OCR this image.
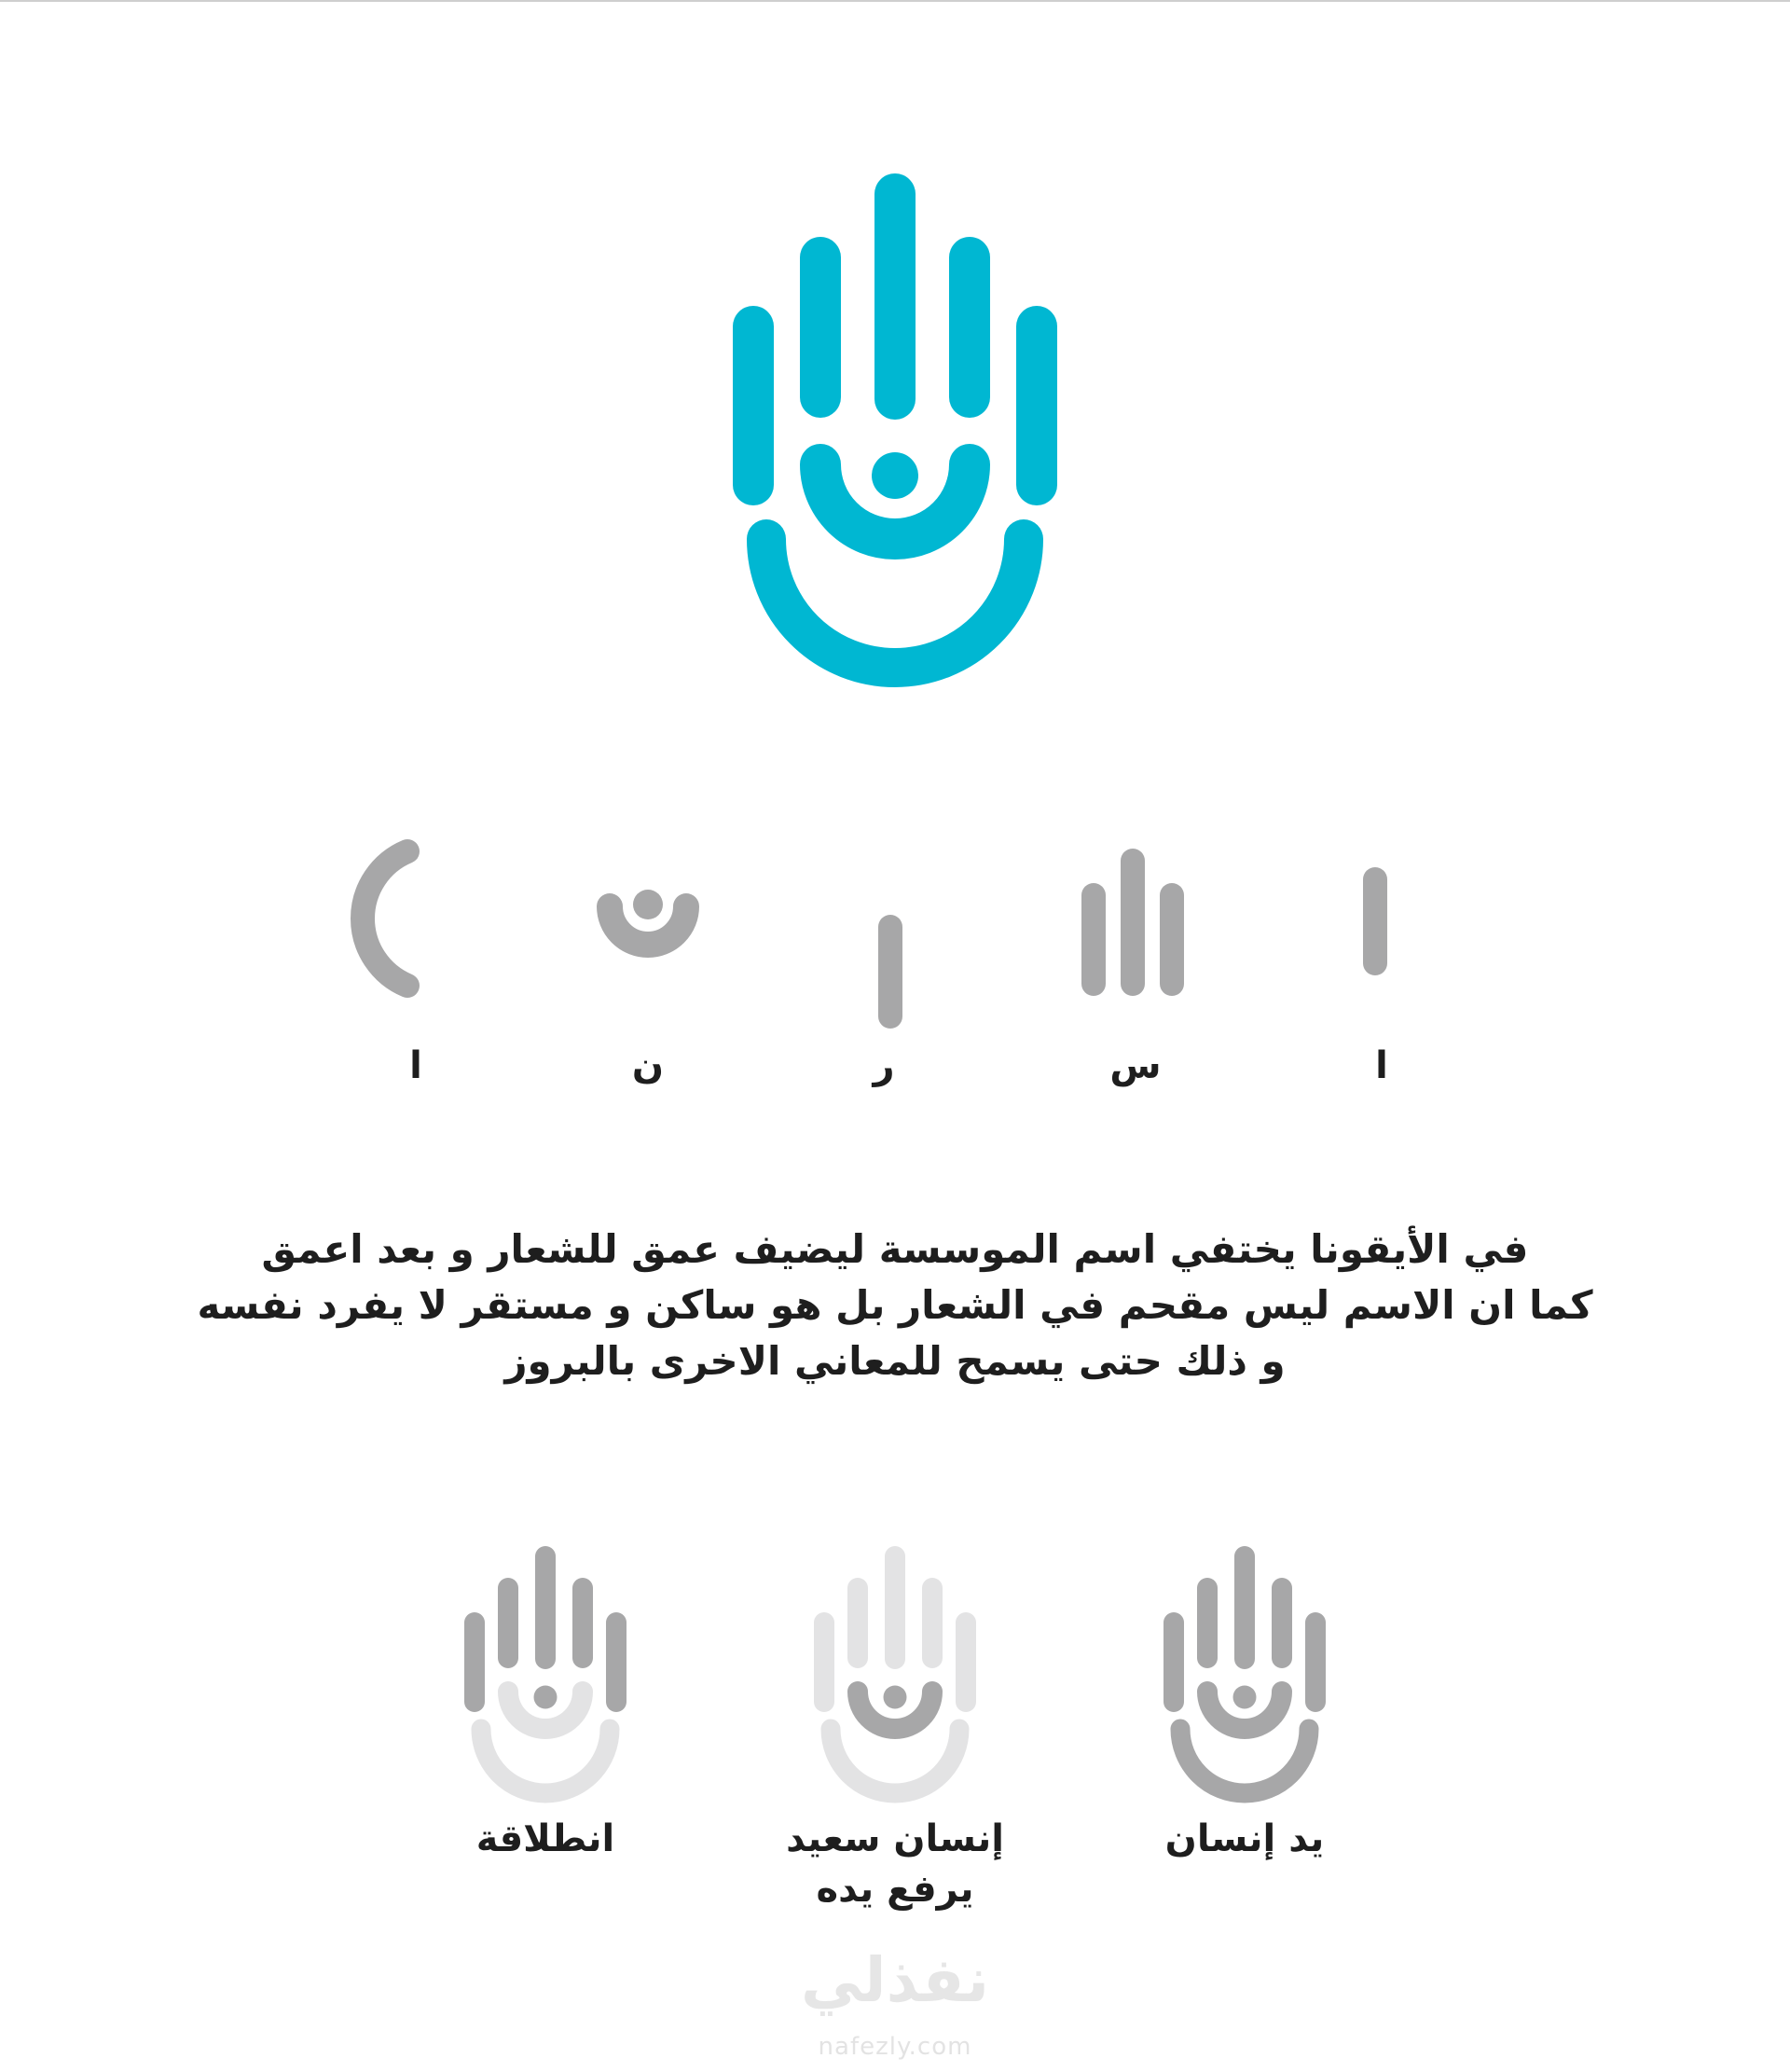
ا	ن	ر	س	ا
في الأيقونا يختفي اسم الموسسة ليضيف عمق للشعار و بعد اعمق
كما ان الاسم ليس مقحم في الشعار بل هو ساكن و مستقر لا يفرد نفسه
و ذلك حتى يسمح للمعاني الاخرى بالبروز
انطلاقة	إنسان سعيد
يرفع يده
يد إنسان
نفذلي
nafezly.com
